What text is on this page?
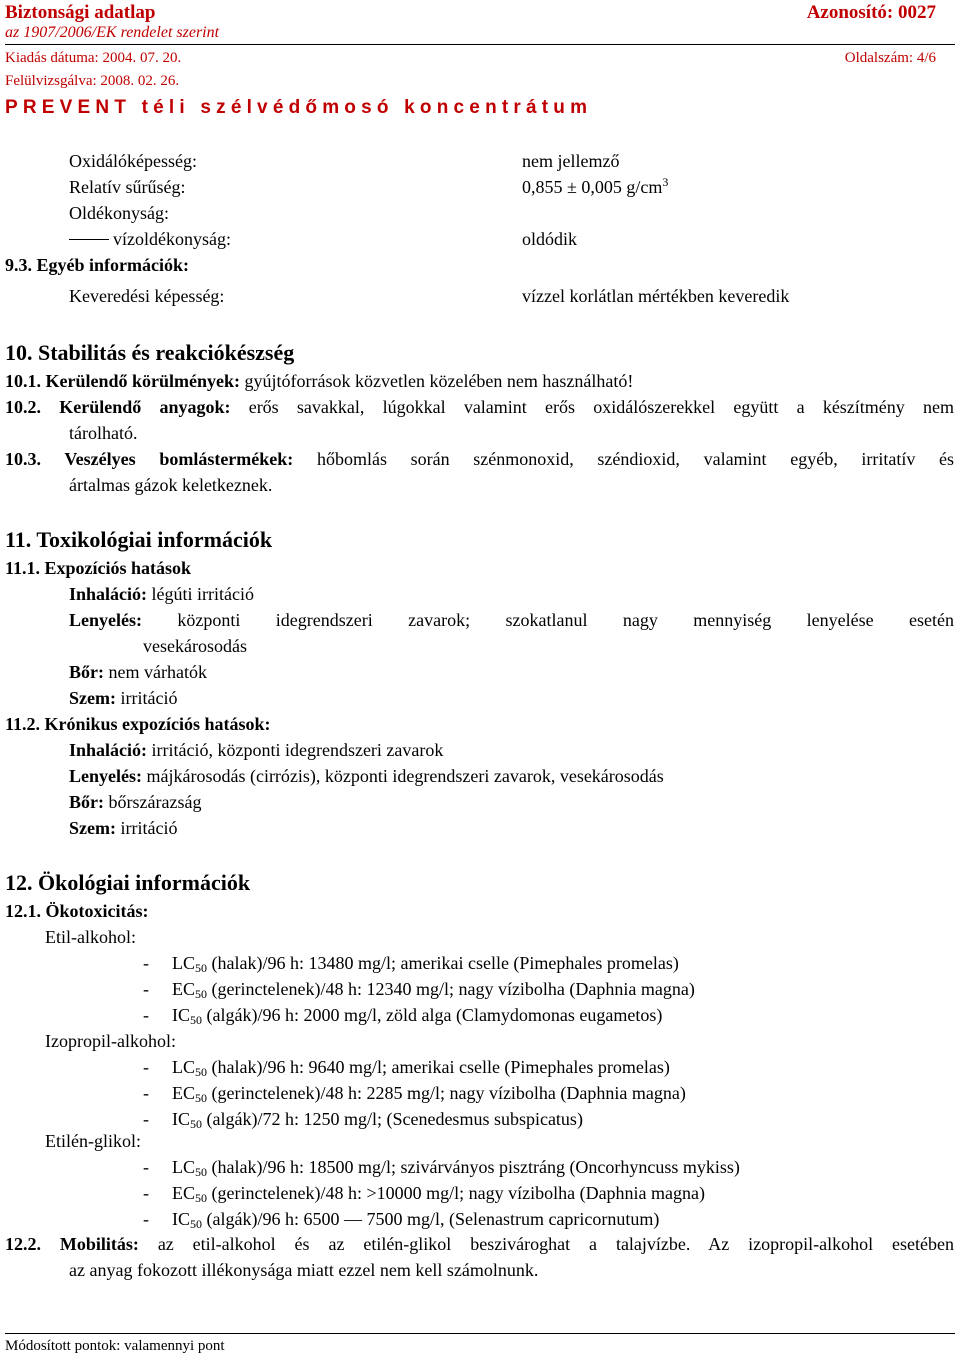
Biztonsági adatlap	Azonosító: 0027
az 1907/2006/EK rendelet szerint
Kiadás dátuma: 2004. 07. 20.	Oldalszám: 4/6
Felülvizsgálva: 2008. 02. 26.
PREVENT téli szélvédőmosó koncentrátum
Oxidálóképesség:	nem jellemző
Relatív sűrűség:	0,855 ± 0,005 $g/cm^3$
Oldékonyság:
vízoldékonyság:	oldódik
9.3. Egyéb információk:
Keveredési képesség:	vízzel korlátlan mértékben keveredik
10. Stabilitás és reakciókészség
10.1. Kerülendő körülmények: gyújtóforrások közvetlen közelében nem használható!
10.2. Kerülendő anyagok: erős savakkal, lúgokkal valamint erős oxidálószerekkel együtt a készítmény nem
tárolható.
10.3. Veszélyes bomlástermékek: hőbomlás során szénmonoxid, széndioxid, valamint egyéb, irritatív és
ártalmas gázok keletkeznek.
11. Toxikológiai információk
11.1. Expozíciós hatások
Inhaláció: légúti irritáció
Lenyelés: központi idegrendszeri zavarok; szokatlanul nagy mennyiség lenyelése esetén
vesekárosodás
Bőr: nem várhatók
Szem: irritáció
11.2. Krónikus expozíciós hatások:
Inhaláció: irritáció, központi idegrendszeri zavarok
Lenyelés: májkárosodás (cirrózis), központi idegrendszeri zavarok, vesekárosodás
Bőr: bőrszárazság
Szem: irritáció
12. Ökológiai információk
12.1. Ökotoxicitás:
Etil-alkohol:
- $LC_{50}$ (halak)/96 h: 13480 mg/l; amerikai cselle (Pimephales promelas)
- $EC_{50}$ (gerinctelenek)/48 h: 12340 mg/l; nagy vízibolha (Daphnia magna)
- $IC_{50}$ (algák)/96 h: 2000 mg/l, zöld alga (Clamydomonas eugametos)
Izopropil-alkohol:
- $LC_{50}$ (halak)/96 h: 9640 mg/l; amerikai cselle (Pimephales promelas)
- $EC_{50}$ (gerinctelenek)/48 h: 2285 mg/l; nagy vízibolha (Daphnia magna)
- $IC_{50}$ (algák)/72 h: 1250 mg/l; (Scenedesmus subspicatus)
Etilén-glikol:
- $LC_{50}$ (halak)/96 h: 18500 mg/l; szivárványos pisztráng (Oncorhyncuss mykiss)
- $EC_{50}$ (gerinctelenek)/48 h: >10000 mg/l; nagy vízibolha (Daphnia magna)
- $IC_{50}$ (algák)/96 h: 6500 — 7500 mg/l, (Selenastrum capricornutum)
12.2. Mobilitás: az etil-alkohol és az etilén-glikol beszivároghat a talajvízbe. Az izopropil-alkohol esetében
az anyag fokozott illékonysága miatt ezzel nem kell számolnunk.
Módosított pontok: valamennyi pont
